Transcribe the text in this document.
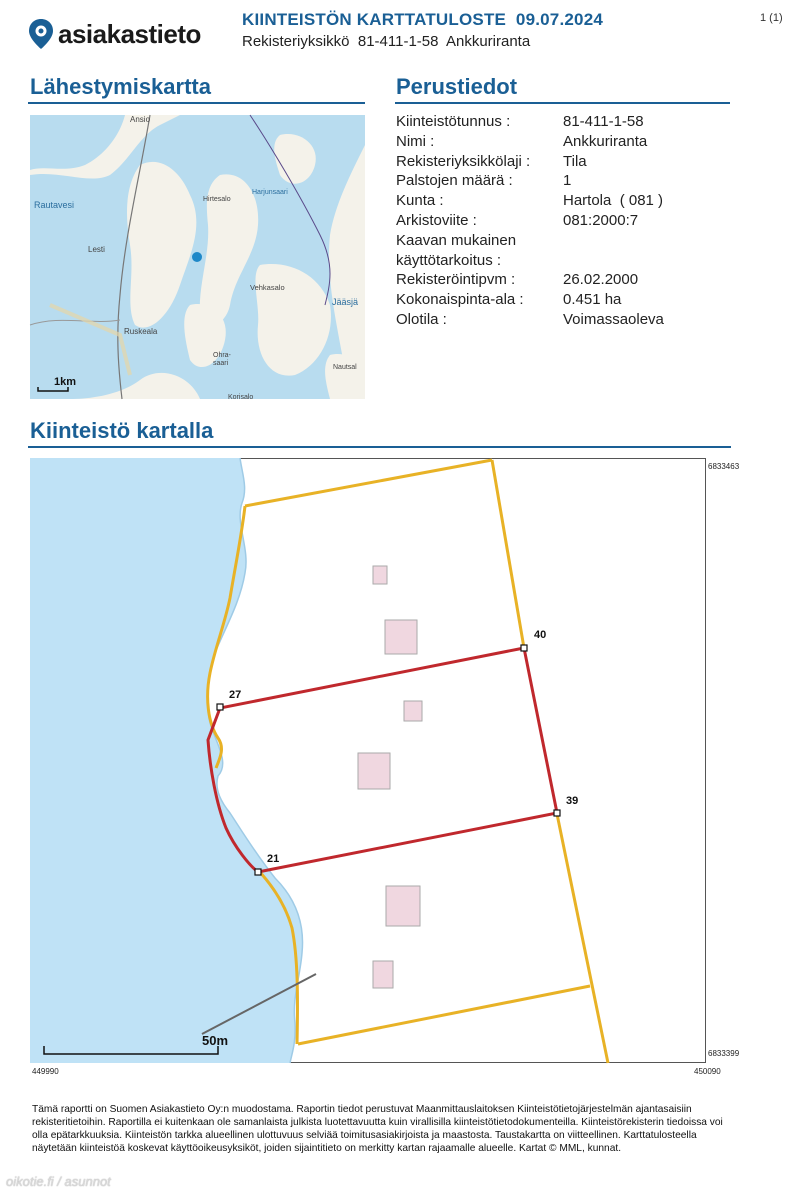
asiakastieto KIINTEISTÖN KARTTATULOSTE  09.07.2024
Rekisteriyksikkö  81-411-1-58  Ankkuriranta
1 (1)
Lähestymiskartta
Ansio
Rautavesi
Hirtesalo
Harjunsaari
Lesti
Vehkasalo
Jääsjä
Ruskeala
Ohra-
saari
Nautsal
Korisalo
1km
Perustiedot
Kiinteistötunnus :	81-411-1-58
Nimi :	Ankkuriranta
Rekisteriyksikkölaji :	Tila
Palstojen määrä :	1
Kunta :	Hartola  ( 081 )
Arkistoviite :	081:2000:7
Kaavan mukainen
käyttötarkoitus :
Rekisteröintipvm :	26.02.2000
Kokonaispinta-ala :	0.451 ha
Olotila :	Voimassaoleva
Kiinteistö kartalla
40
27
39
21
50m
6833463
6833399
449990	450090
Tämä raportti on Suomen Asiakastieto Oy:n muodostama. Raportin tiedot perustuvat Maanmittauslaitoksen Kiinteistötietojärjestelmän ajantasaisiin rekisteritietoihin. Raportilla ei kuitenkaan ole samanlaista julkista luotettavuutta kuin virallisilla kiinteistötietodokumenteilla. Kiinteistörekisterin tiedoissa voi olla epätarkkuuksia. Kiinteistön tarkka alueellinen ulottuvuus selviää toimitusasiakirjoista ja maastosta. Taustakartta on viitteellinen. Karttatulosteella näytetään kiinteistöä koskevat käyttöoikeusyksiköt, joiden sijaintitieto on merkitty kartan rajaamalle alueelle. Kartat © MML, kunnat.
oikotie.fi / asunnot
